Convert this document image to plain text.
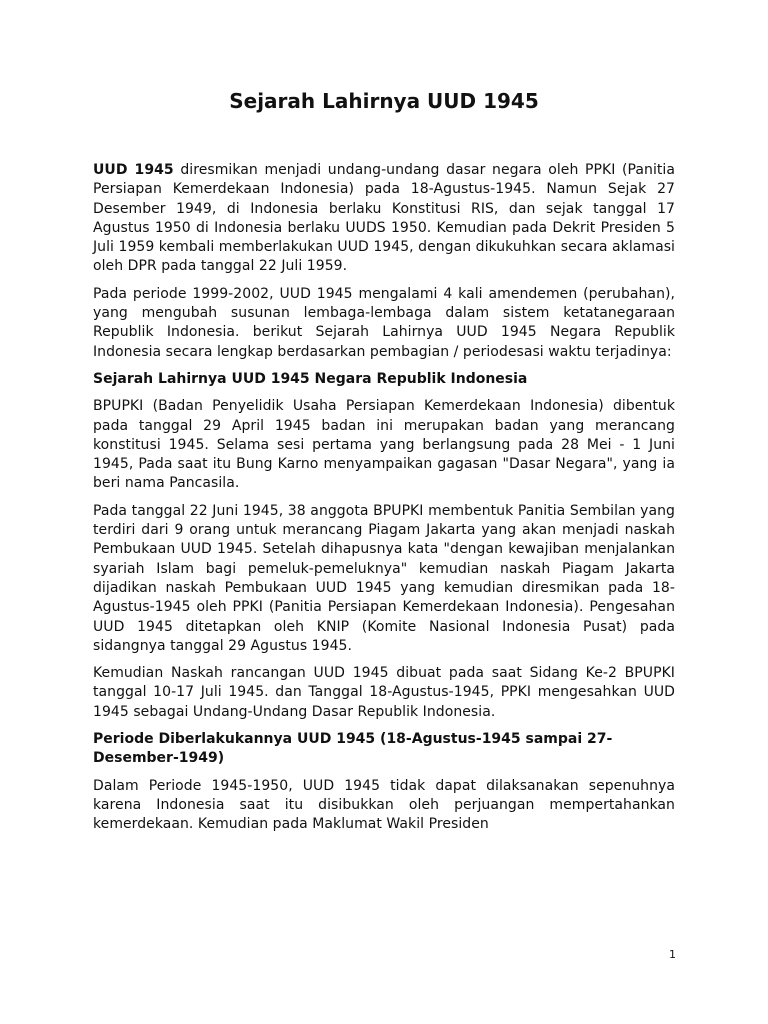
Sejarah Lahirnya UUD 1945

UUD 1945 diresmikan menjadi undang-undang dasar negara oleh PPKI (Panitia Persiapan Kemerdekaan Indonesia) pada 18-Agustus-1945. Namun Sejak 27 Desember 1949, di Indonesia berlaku Konstitusi RIS, dan sejak tanggal 17 Agustus 1950 di Indonesia berlaku UUDS 1950. Kemudian pada Dekrit Presiden 5 Juli 1959 kembali memberlakukan UUD 1945, dengan dikukuhkan secara aklamasi oleh DPR pada tanggal 22 Juli 1959.

Pada periode 1999-2002, UUD 1945 mengalami 4 kali amendemen (perubahan), yang mengubah susunan lembaga-lembaga dalam sistem ketatanegaraan Republik Indonesia. berikut Sejarah Lahirnya UUD 1945 Negara Republik Indonesia secara lengkap berdasarkan pembagian / periodesasi waktu terjadinya:

Sejarah Lahirnya UUD 1945 Negara Republik Indonesia

BPUPKI (Badan Penyelidik Usaha Persiapan Kemerdekaan Indonesia) dibentuk pada tanggal 29 April 1945 badan ini merupakan badan yang merancang konstitusi 1945. Selama sesi pertama yang berlangsung pada 28 Mei - 1 Juni 1945, Pada saat itu Bung Karno menyampaikan gagasan "Dasar Negara", yang ia beri nama Pancasila.

Pada tanggal 22 Juni 1945, 38 anggota BPUPKI membentuk Panitia Sembilan yang terdiri dari 9 orang untuk merancang Piagam Jakarta yang akan menjadi naskah Pembukaan UUD 1945. Setelah dihapusnya kata "dengan kewajiban menjalankan syariah Islam bagi pemeluk-pemeluknya" kemudian naskah Piagam Jakarta dijadikan naskah Pembukaan UUD 1945 yang kemudian diresmikan pada 18-Agustus-1945 oleh PPKI (Panitia Persiapan Kemerdekaan Indonesia). Pengesahan UUD 1945 ditetapkan oleh KNIP (Komite Nasional Indonesia Pusat) pada sidangnya tanggal 29 Agustus 1945.

Kemudian Naskah rancangan UUD 1945 dibuat pada saat Sidang Ke-2 BPUPKI tanggal 10-17 Juli 1945. dan Tanggal 18-Agustus-1945, PPKI mengesahkan UUD 1945 sebagai Undang-Undang Dasar Republik Indonesia.

Periode Diberlakukannya UUD 1945 (18-Agustus-1945 sampai 27-Desember-1949)

Dalam Periode 1945-1950, UUD 1945 tidak dapat dilaksanakan sepenuhnya karena Indonesia saat itu disibukkan oleh perjuangan mempertahankan kemerdekaan. Kemudian pada Maklumat Wakil Presiden

1
